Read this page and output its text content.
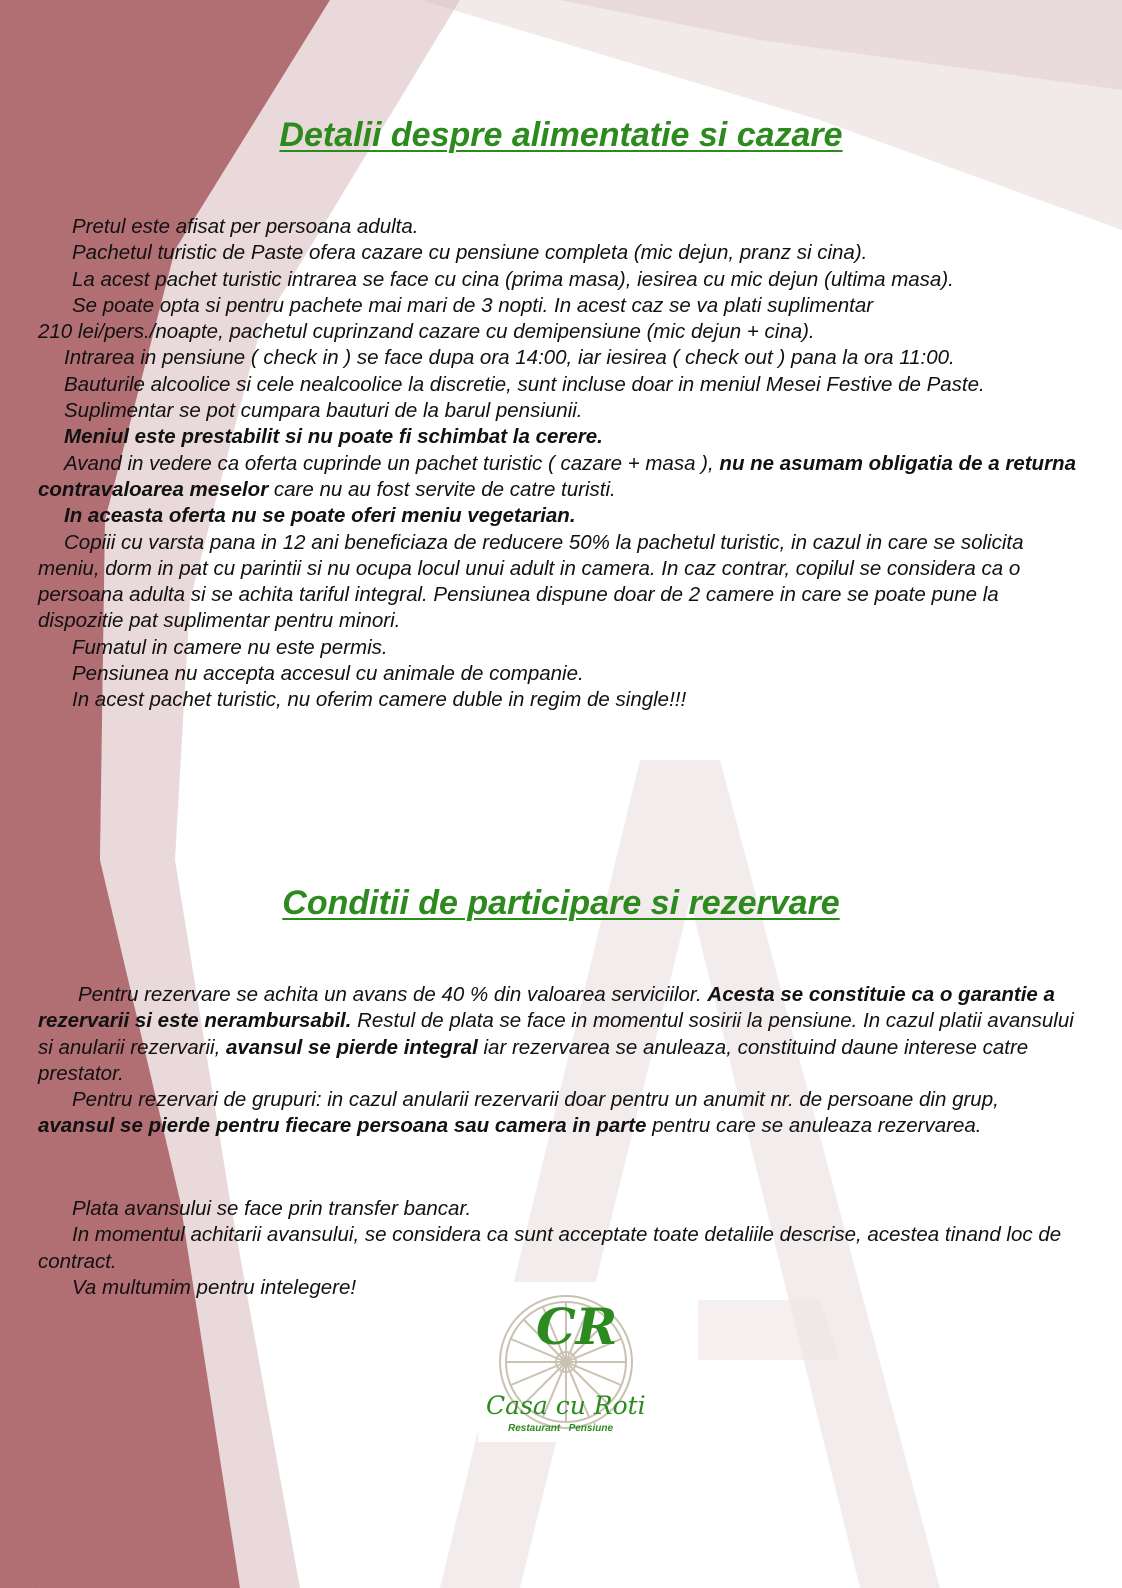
Detalii despre alimentatie si cazare
Pretul este afisat per persoana adulta.
Pachetul turistic de Paste ofera cazare cu pensiune completa (mic dejun, pranz si cina).
La acest pachet turistic intrarea se face cu cina (prima masa), iesirea cu mic dejun (ultima masa).
Se poate opta si pentru pachete mai mari de 3 nopti. In acest caz se va plati suplimentar
210 lei/pers./noapte, pachetul cuprinzand cazare cu demipensiune (mic dejun + cina).
Intrarea in pensiune ( check in ) se face dupa ora 14:00, iar iesirea ( check out ) pana la ora 11:00.
Bauturile alcoolice si cele nealcoolice la discretie, sunt incluse doar in meniul Mesei Festive de Paste.
Suplimentar se pot cumpara bauturi de la barul pensiunii.
Meniul este prestabilit si nu poate fi schimbat la cerere.
Avand in vedere ca oferta cuprinde un pachet turistic ( cazare + masa ), nu ne asumam obligatia de a returna contravaloarea meselor care nu au fost servite de catre turisti.
In aceasta oferta nu se poate oferi meniu vegetarian.
Copiii cu varsta pana in 12 ani beneficiaza de reducere 50% la pachetul turistic, in cazul in care se solicita meniu, dorm in pat cu parintii si nu ocupa locul unui adult in camera. In caz contrar, copilul se considera ca o persoana adulta si se achita tariful integral. Pensiunea dispune doar de 2 camere in care se poate pune la dispozitie pat suplimentar pentru minori.
Fumatul in camere nu este permis.
Pensiunea nu accepta accesul cu animale de companie.
In acest pachet turistic, nu oferim camere duble in regim de single!!!
Conditii de participare si rezervare
Pentru rezervare se achita un avans de 40 % din valoarea serviciilor. Acesta se constituie ca o garantie a rezervarii si este nerambursabil. Restul de plata se face in momentul sosirii la pensiune. In cazul platii avansului si anularii rezervarii, avansul se pierde integral iar rezervarea se anuleaza, constituind daune interese catre prestator.
Pentru rezervari de grupuri: in cazul anularii rezervarii doar pentru un anumit nr. de persoane din grup, avansul se pierde pentru fiecare persoana sau camera in parte pentru care se anuleaza rezervarea.
Plata avansului se face prin transfer bancar.
In momentul achitarii avansului, se considera ca sunt acceptate toate detaliile descrise, acestea tinand loc de contract.
Va multumim pentru intelegere!
CR
Casa cu Roti
Restaurant   Pensiune
